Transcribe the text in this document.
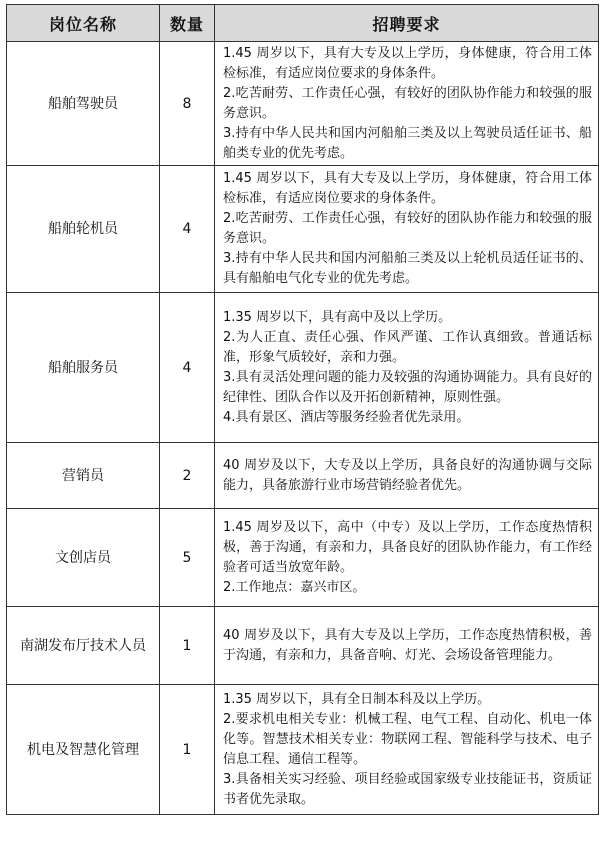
岗位名称	数量	招聘要求
船舶驾驶员	8	1.45 周岁以下，具有大专及以上学历，身体健康，符合用工体检标准，有适应岗位要求的身体条件。
2.吃苦耐劳、工作责任心强，有较好的团队协作能力和较强的服务意识。
3.持有中华人民共和国内河船舶三类及以上驾驶员适任证书、船舶类专业的优先考虑。

船舶轮机员	4	1.45 周岁以下，具有大专及以上学历，身体健康，符合用工体检标准，有适应岗位要求的身体条件。
2.吃苦耐劳、工作责任心强，有较好的团队协作能力和较强的服务意识。
3.持有中华人民共和国内河船舶三类及以上轮机员适任证书的、具有船舶电气化专业的优先考虑。

船舶服务员	4	1.35 周岁以下，具有高中及以上学历。
2.为人正直、责任心强、作风严谨、工作认真细致。普通话标准，形象气质较好，亲和力强。
3.具有灵活处理问题的能力及较强的沟通协调能力。具有良好的纪律性、团队合作以及开拓创新精神，原则性强。
4.具有景区、酒店等服务经验者优先录用。

营销员	2	40 周岁及以下，大专及以上学历，具备良好的沟通协调与交际能力，具备旅游行业市场营销经验者优先。

文创店员	5	1.45 周岁及以下，高中（中专）及以上学历，工作态度热情积极，善于沟通，有亲和力，具备良好的团队协作能力，有工作经验者可适当放宽年龄。
2.工作地点：嘉兴市区。

南湖发布厅技术人员	1	40 周岁及以下，具有大专及以上学历，工作态度热情积极，善于沟通，有亲和力，具备音响、灯光、会场设备管理能力。

机电及智慧化管理	1	1.35 周岁以下，具有全日制本科及以上学历。
2.要求机电相关专业：机械工程、电气工程、自动化、机电一体化等。智慧技术相关专业：物联网工程、智能科学与技术、电子信息工程、通信工程等。
3.具备相关实习经验、项目经验或国家级专业技能证书，资质证书者优先录取。
